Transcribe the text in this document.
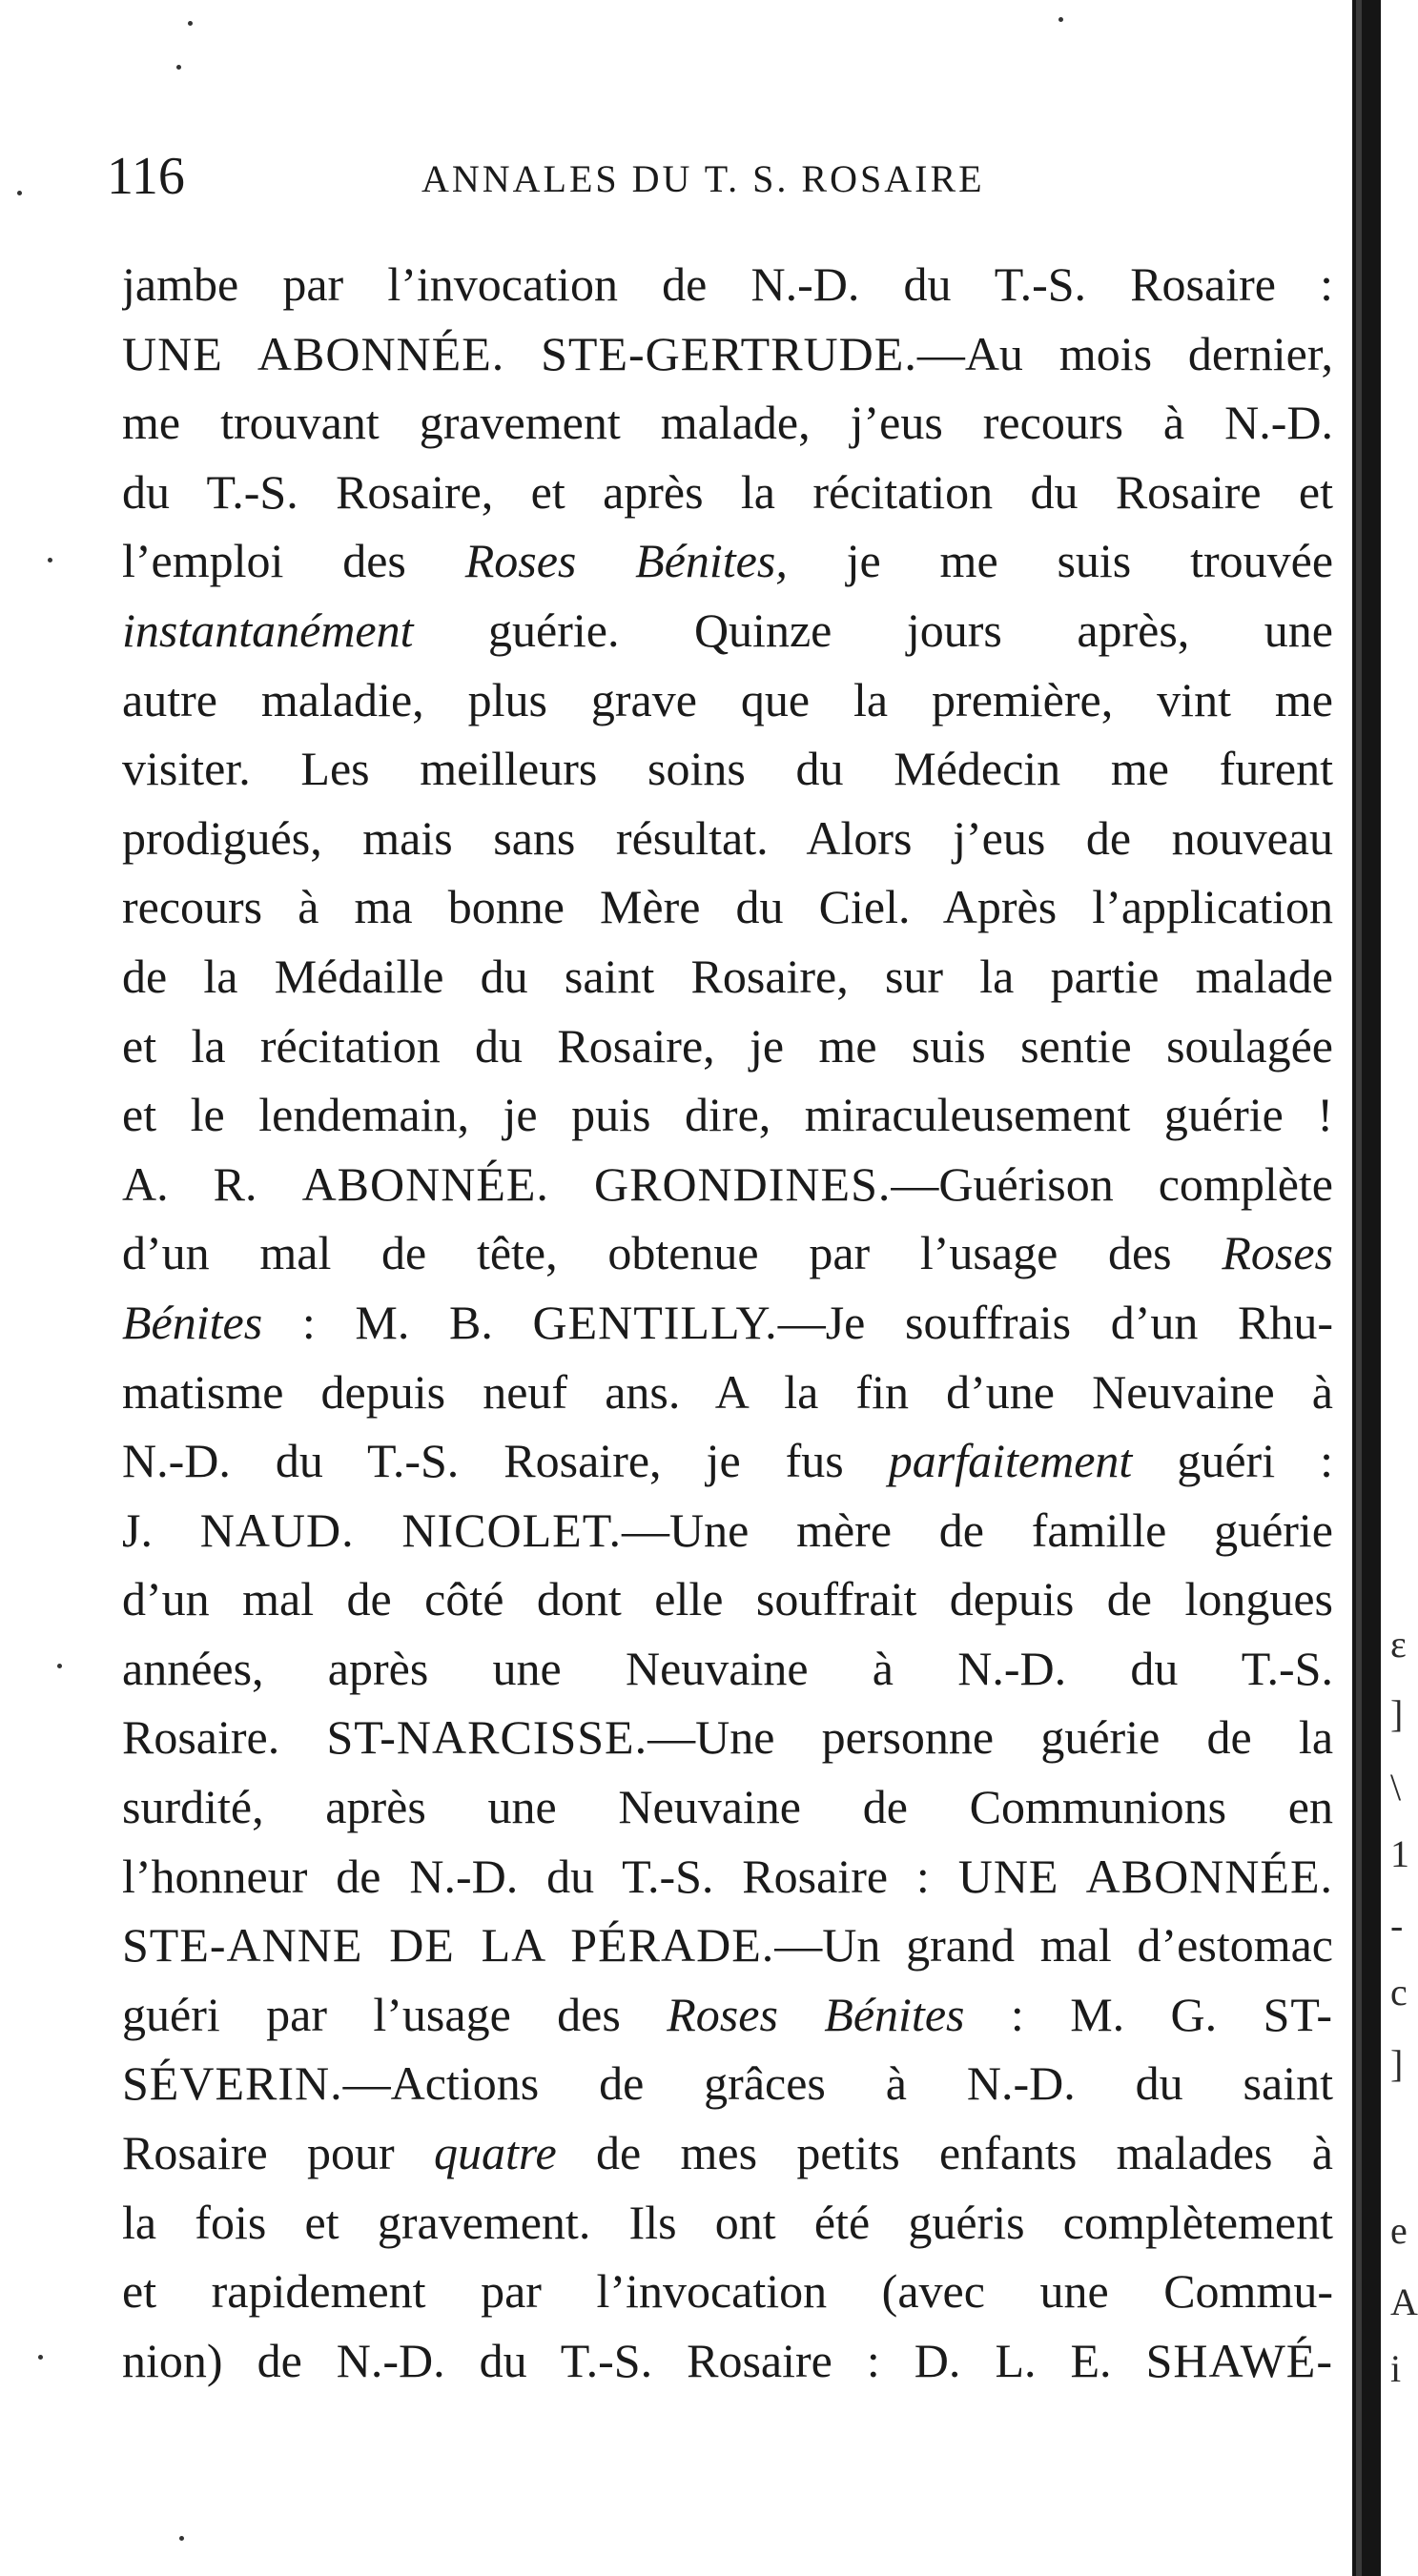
116	ANNALES DU T. S. ROSAIRE
jambe par l’invocation de N.-D. du T.-S. Rosaire :
UNE ABONNÉE. STE-GERTRUDE.—Au mois dernier,
me trouvant gravement malade, j’eus recours à N.-D.
du T.-S. Rosaire, et après la récitation du Rosaire et
l’emploi des Roses Bénites, je me suis trouvée
instantanément guérie. Quinze jours après, une
autre maladie, plus grave que la première, vint me
visiter. Les meilleurs soins du Médecin me furent
prodigués, mais sans résultat. Alors j’eus de nouveau
recours à ma bonne Mère du Ciel. Après l’application
de la Médaille du saint Rosaire, sur la partie malade
et la récitation du Rosaire, je me suis sentie soulagée
et le lendemain, je puis dire, miraculeusement guérie !
A. R. ABONNÉE. GRONDINES.—Guérison complète
d’un mal de tête, obtenue par l’usage des Roses
Bénites : M. B. GENTILLY.—Je souffrais d’un Rhu-
matisme depuis neuf ans. A la fin d’une Neuvaine à
N.-D. du T.-S. Rosaire, je fus parfaitement guéri :
J. NAUD. NICOLET.—Une mère de famille guérie
d’un mal de côté dont elle souffrait depuis de longues
années, après une Neuvaine à N.-D. du T.-S.
Rosaire. ST-NARCISSE.—Une personne guérie de la
surdité, après une Neuvaine de Communions en
l’honneur de N.-D. du T.-S. Rosaire : UNE ABONNÉE.
STE-ANNE DE LA PÉRADE.—Un grand mal d’estomac
guéri par l’usage des Roses Bénites : M. G. ST-
SÉVERIN.—Actions de grâces à N.-D. du saint
Rosaire pour quatre de mes petits enfants malades à
la fois et gravement. Ils ont été guéris complètement
et rapidement par l’invocation (avec une Commu-
nion) de N.-D. du T.-S. Rosaire : D. L. E. SHAWÉ-
ε
]
\
1
-
c
]
e
A
i
